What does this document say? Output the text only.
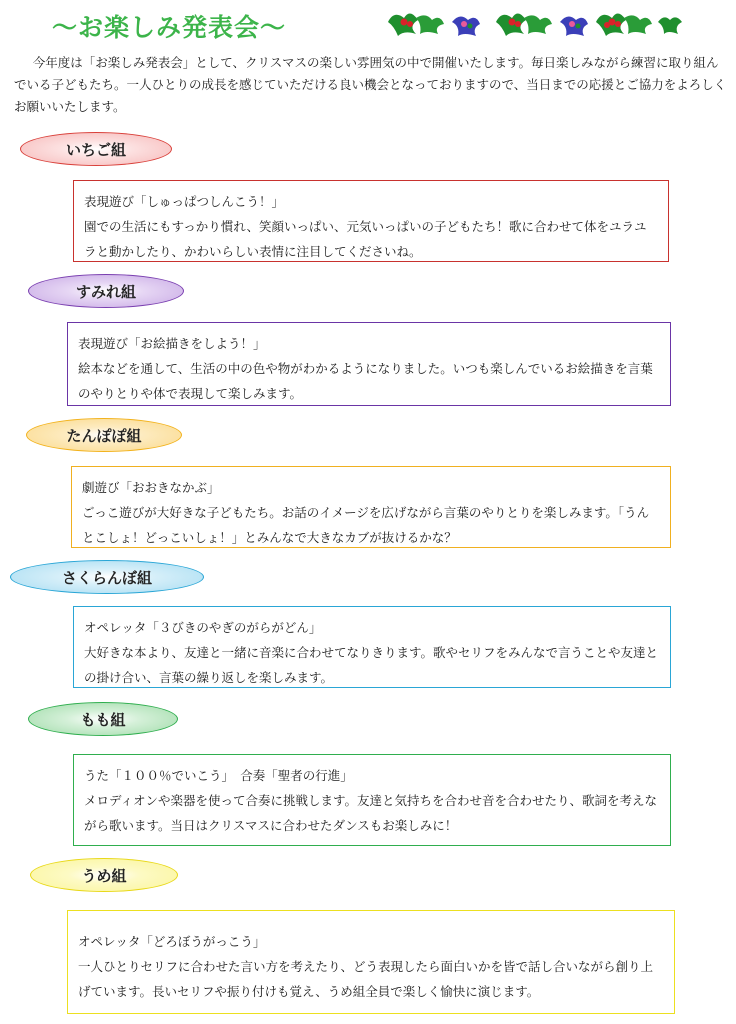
～お楽しみ発表会～
今年度は「お楽しみ発表会」として、クリスマスの楽しい雰囲気の中で開催いたします。毎日楽しみながら練習に取り組んでいる子どもたち。一人ひとりの成長を感じていただける良い機会となっておりますので、当日までの応援とご協力をよろしくお願いいたします。
いちご組
表現遊び「しゅっぱつしんこう！」
園での生活にもすっかり慣れ、笑顔いっぱい、元気いっぱいの子どもたち！歌に合わせて体をユラユラと動かしたり、かわいらしい表情に注目してくださいね。
すみれ組
表現遊び「お絵描きをしよう！」
絵本などを通して、生活の中の色や物がわかるようになりました。いつも楽しんでいるお絵描きを言葉のやりとりや体で表現して楽しみます。
たんぽぽ組
劇遊び「おおきなかぶ」
ごっこ遊びが大好きな子どもたち。お話のイメージを広げながら言葉のやりとりを楽しみます。「うんとこしょ！どっこいしょ！」とみんなで大きなカブが抜けるかな？
さくらんぼ組
オペレッタ「３びきのやぎのがらがどん」
大好きな本より、友達と一緒に音楽に合わせてなりきります。歌やセリフをみんなで言うことや友達との掛け合い、言葉の繰り返しを楽しみます。
もも組
うた「１００％でいこう」　合奏「聖者の行進」
メロディオンや楽器を使って合奏に挑戦します。友達と気持ちを合わせ音を合わせたり、歌詞を考えながら歌います。当日はクリスマスに合わせたダンスもお楽しみに！
うめ組
オペレッタ「どろぼうがっこう」
一人ひとりセリフに合わせた言い方を考えたり、どう表現したら面白いかを皆で話し合いながら創り上げています。長いセリフや振り付けも覚え、うめ組全員で楽しく愉快に演じます。
